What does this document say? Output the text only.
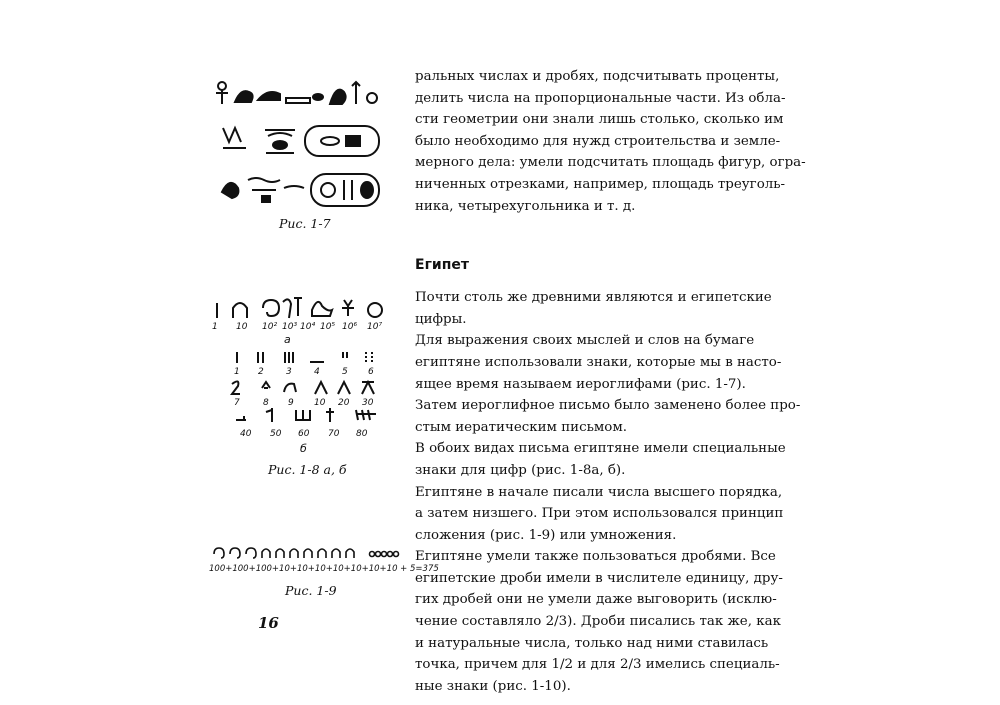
1 10 10² 10³ 10⁴ 10⁵ 10⁶ 10⁷
а
1 2 3 4 5 6
7	8 9 10 20 30
40 50 60 70 80
б
Рис. 1-7
Рис. 1-8 а, б
100+100+100+10+10+10+10+10+10+10 + 5=375
Рис. 1-9
16

ральных числах и дробях, подсчитывать проценты,

делить числа на пропорциональные части. Из обла-

сти геометрии они знали лишь столько, сколько им

было необходимо для нужд строительства и земле-

мерного дела: умели подсчитать площадь фигур, огра-

ниченных отрезками, например, площадь треуголь-

ника, четырехугольника и т. д.

Египет

Почти столь же древними являются и египетские

цифры.

Для выражения своих мыслей и слов на бумаге

египтяне использовали знаки, которые мы в насто-

ящее время называем иероглифами (рис. 1-7).

Затем иероглифное письмо было заменено более про-

стым иератическим письмом.

В обоих видах письма египтяне имели специальные

знаки для цифр (рис. 1-8а, б).

Египтяне в начале писали числа высшего порядка,

а затем низшего. При этом использовался принцип

сложения (рис. 1-9) или умножения.

Египтяне умели также пользоваться дробями. Все

египетские дроби имели в числителе единицу, дру-

гих дробей они не умели даже выговорить (исклю-

чение составляло 2/3). Дроби писались так же, как

и натуральные числа, только над ними ставилась

точка, причем для 1/2 и для 2/3 имелись специаль-

ные знаки (рис. 1-10).
